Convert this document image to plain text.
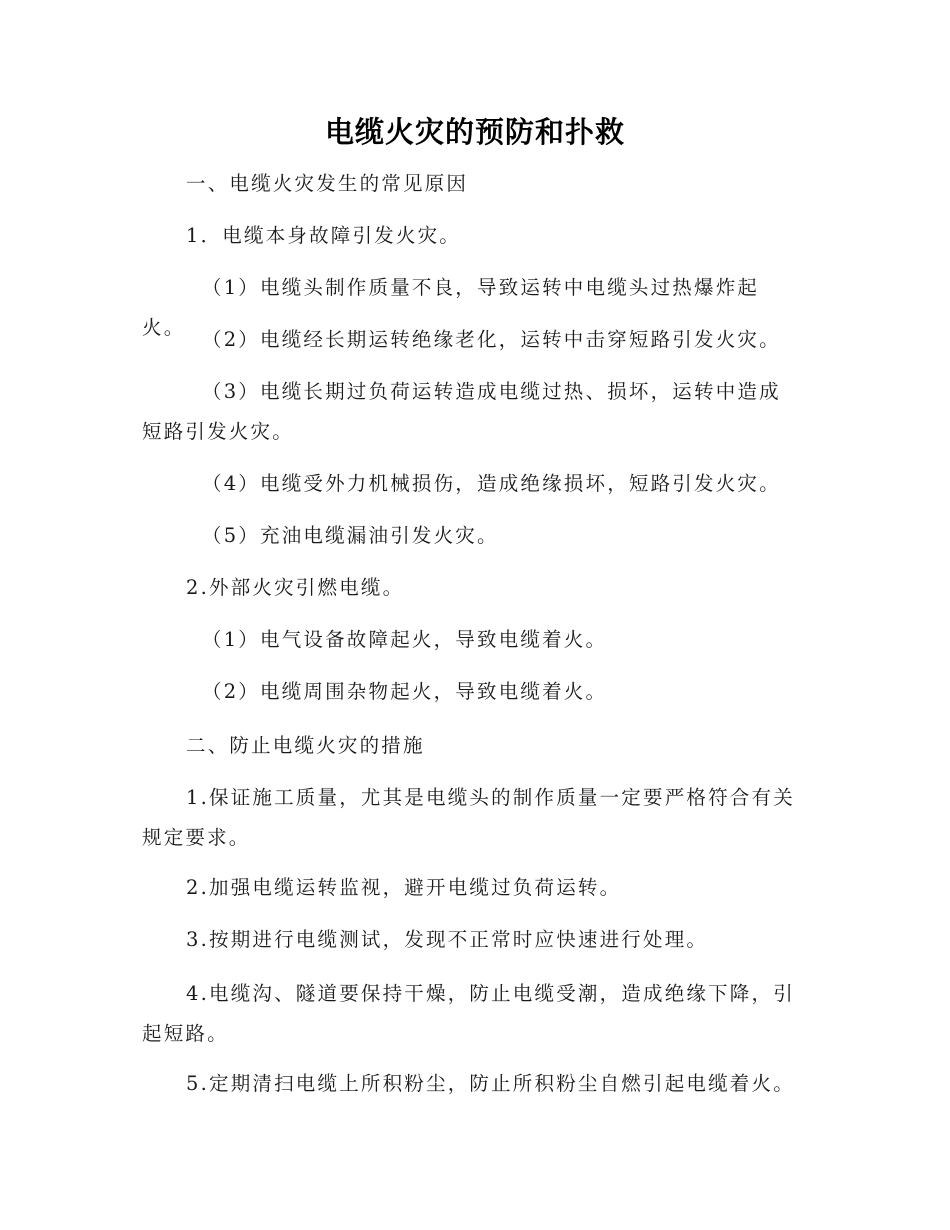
电缆火灾的预防和扑救
一、电缆火灾发生的常见原因
1．电缆本身故障引发火灾。
（1）电缆头制作质量不良，导致运转中电缆头过热爆炸起火。
（2）电缆经长期运转绝缘老化，运转中击穿短路引发火灾。
（3）电缆长期过负荷运转造成电缆过热、损坏，运转中造成短路引发火灾。
（4）电缆受外力机械损伤，造成绝缘损坏，短路引发火灾。
（5）充油电缆漏油引发火灾。
2.外部火灾引燃电缆。
（1）电气设备故障起火，导致电缆着火。
（2）电缆周围杂物起火，导致电缆着火。
二、防止电缆火灾的措施
1.保证施工质量，尤其是电缆头的制作质量一定要严格符合有关规定要求。
2.加强电缆运转监视，避开电缆过负荷运转。
3.按期进行电缆测试，发现不正常时应快速进行处理。
4.电缆沟、隧道要保持干燥，防止电缆受潮，造成绝缘下降，引起短路。
5.定期清扫电缆上所积粉尘，防止所积粉尘自燃引起电缆着火。
